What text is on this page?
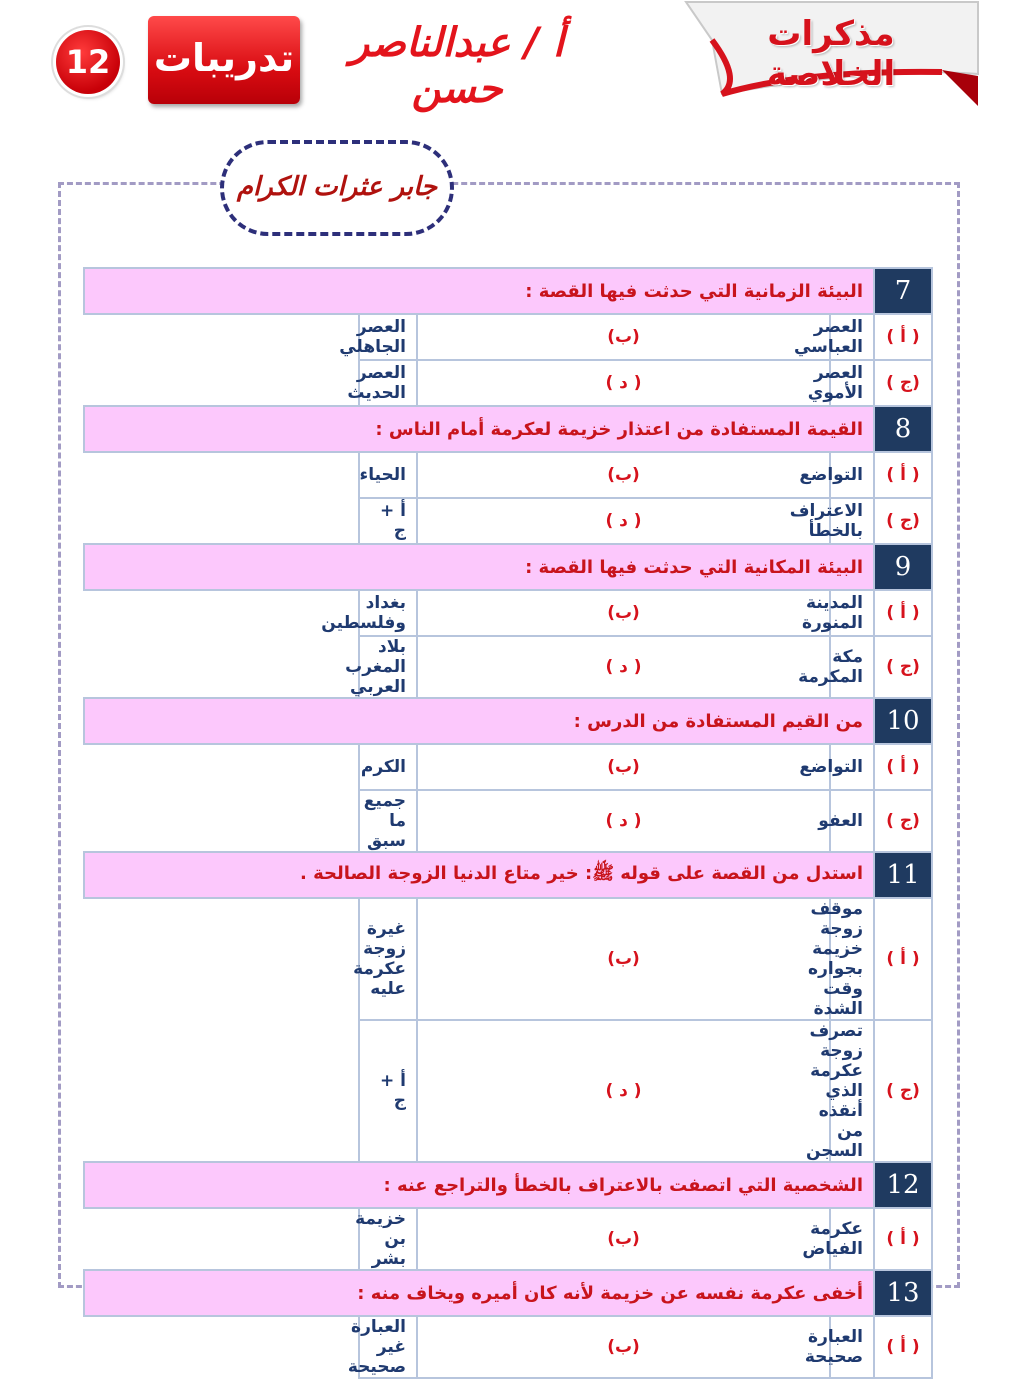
مذكرات الخلاصة
أ / عبدالناصر حسن
تدريبات
12
جابر عثرات الكرام
7	البيئة الزمانية التي حدثت فيها القصة :		
( أ )	العصر العباسي	(ب)	العصر الجاهلي
(ج )	العصر الأموي	( د )	العصر الحديث
8	القيمة المستفادة من اعتذار خزيمة لعكرمة أمام الناس :		
( أ )	التواضع	(ب)	الحياء
(ج )	الاعتراف بالخطأ	( د )	أ + ج
9	البيئة المكانية التي حدثت فيها القصة :		
( أ )	المدينة المنورة	(ب)	بغداد وفلسطين
(ج )	مكة المكرمة	( د )	بلاد المغرب العربي
10	من القيم المستفادة من الدرس :		
( أ )	التواضع	(ب)	الكرم
(ج )	العفو	( د )	جميع ما سبق
11	استدل من القصة على قوله ﷺ: خير متاع الدنيا الزوجة الصالحة .		
( أ )	موقف زوجة خزيمة بجواره وقت الشدة	(ب)	غيرة زوجة عكرمة عليه
(ج )	تصرف زوجة عكرمة الذي أنقذه من السجن	( د )	أ + ج
12	الشخصية التي اتصفت بالاعتراف بالخطأ والتراجع عنه :		
( أ )	عكرمة الفياض	(ب)	خزيمة بن بشر
13	أخفى عكرمة نفسه عن خزيمة لأنه كان أميره ويخاف منه :		
( أ )	العبارة صحيحة	(ب)	العبارة غير صحيحة
